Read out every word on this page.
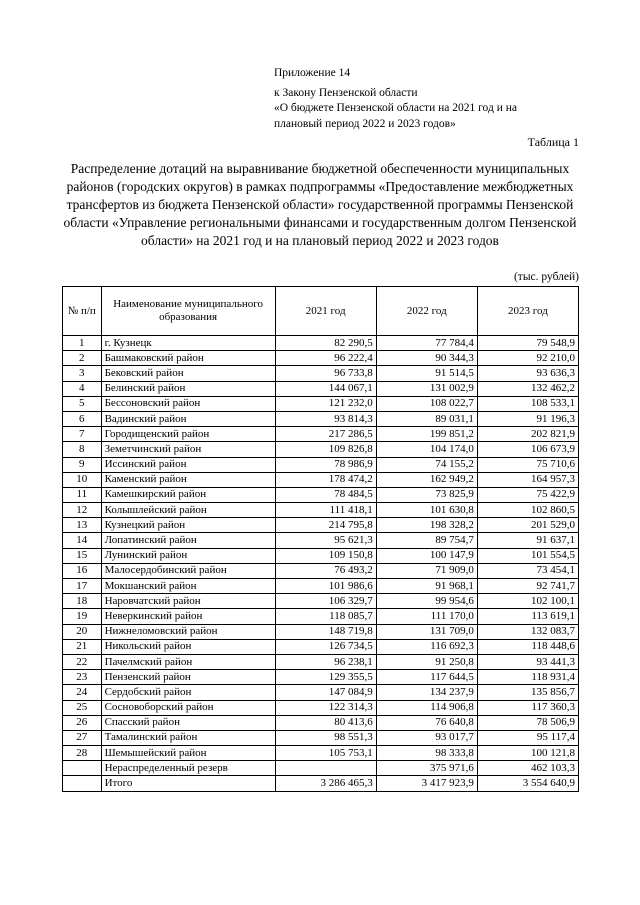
Приложение 14
к Закону Пензенской области
«О бюджете Пензенской области на 2021 год и на
плановый период 2022 и 2023 годов»
Таблица 1
Распределение дотаций на выравнивание бюджетной обеспеченности муниципальных районов (городских округов) в рамках подпрограммы «Предоставление межбюджетных трансфертов из бюджета Пензенской области» государственной программы Пензенской области «Управление региональными финансами и государственным долгом Пензенской области» на 2021 год и на плановый период 2022 и 2023 годов
(тыс. рублей)
№ п/п	Наименование муниципального образования	2021 год	2022 год	2023 год
1	г. Кузнецк	82 290,5	77 784,4	79 548,9
2	Башмаковский район	96 222,4	90 344,3	92 210,0
3	Бековский район	96 733,8	91 514,5	93 636,3
4	Белинский район	144 067,1	131 002,9	132 462,2
5	Бессоновский район	121 232,0	108 022,7	108 533,1
6	Вадинский район	93 814,3	89 031,1	91 196,3
7	Городищенский район	217 286,5	199 851,2	202 821,9
8	Земетчинский район	109 826,8	104 174,0	106 673,9
9	Иссинский район	78 986,9	74 155,2	75 710,6
10	Каменский район	178 474,2	162 949,2	164 957,3
11	Камешкирский район	78 484,5	73 825,9	75 422,9
12	Колышлейский район	111 418,1	101 630,8	102 860,5
13	Кузнецкий район	214 795,8	198 328,2	201 529,0
14	Лопатинский район	95 621,3	89 754,7	91 637,1
15	Лунинский район	109 150,8	100 147,9	101 554,5
16	Малосердобинский район	76 493,2	71 909,0	73 454,1
17	Мокшанский район	101 986,6	91 968,1	92 741,7
18	Наровчатский район	106 329,7	99 954,6	102 100,1
19	Неверкинский район	118 085,7	111 170,0	113 619,1
20	Нижнеломовский район	148 719,8	131 709,0	132 083,7
21	Никольский район	126 734,5	116 692,3	118 448,6
22	Пачелмский район	96 238,1	91 250,8	93 441,3
23	Пензенский район	129 355,5	117 644,5	118 931,4
24	Сердобский район	147 084,9	134 237,9	135 856,7
25	Сосновоборский район	122 314,3	114 906,8	117 360,3
26	Спасский район	80 413,6	76 640,8	78 506,9
27	Тамалинский район	98 551,3	93 017,7	95 117,4
28	Шемышейский район	105 753,1	98 333,8	100 121,8
	Нераспределенный резерв		375 971,6	462 103,3
	Итого	3 286 465,3	3 417 923,9	3 554 640,9
